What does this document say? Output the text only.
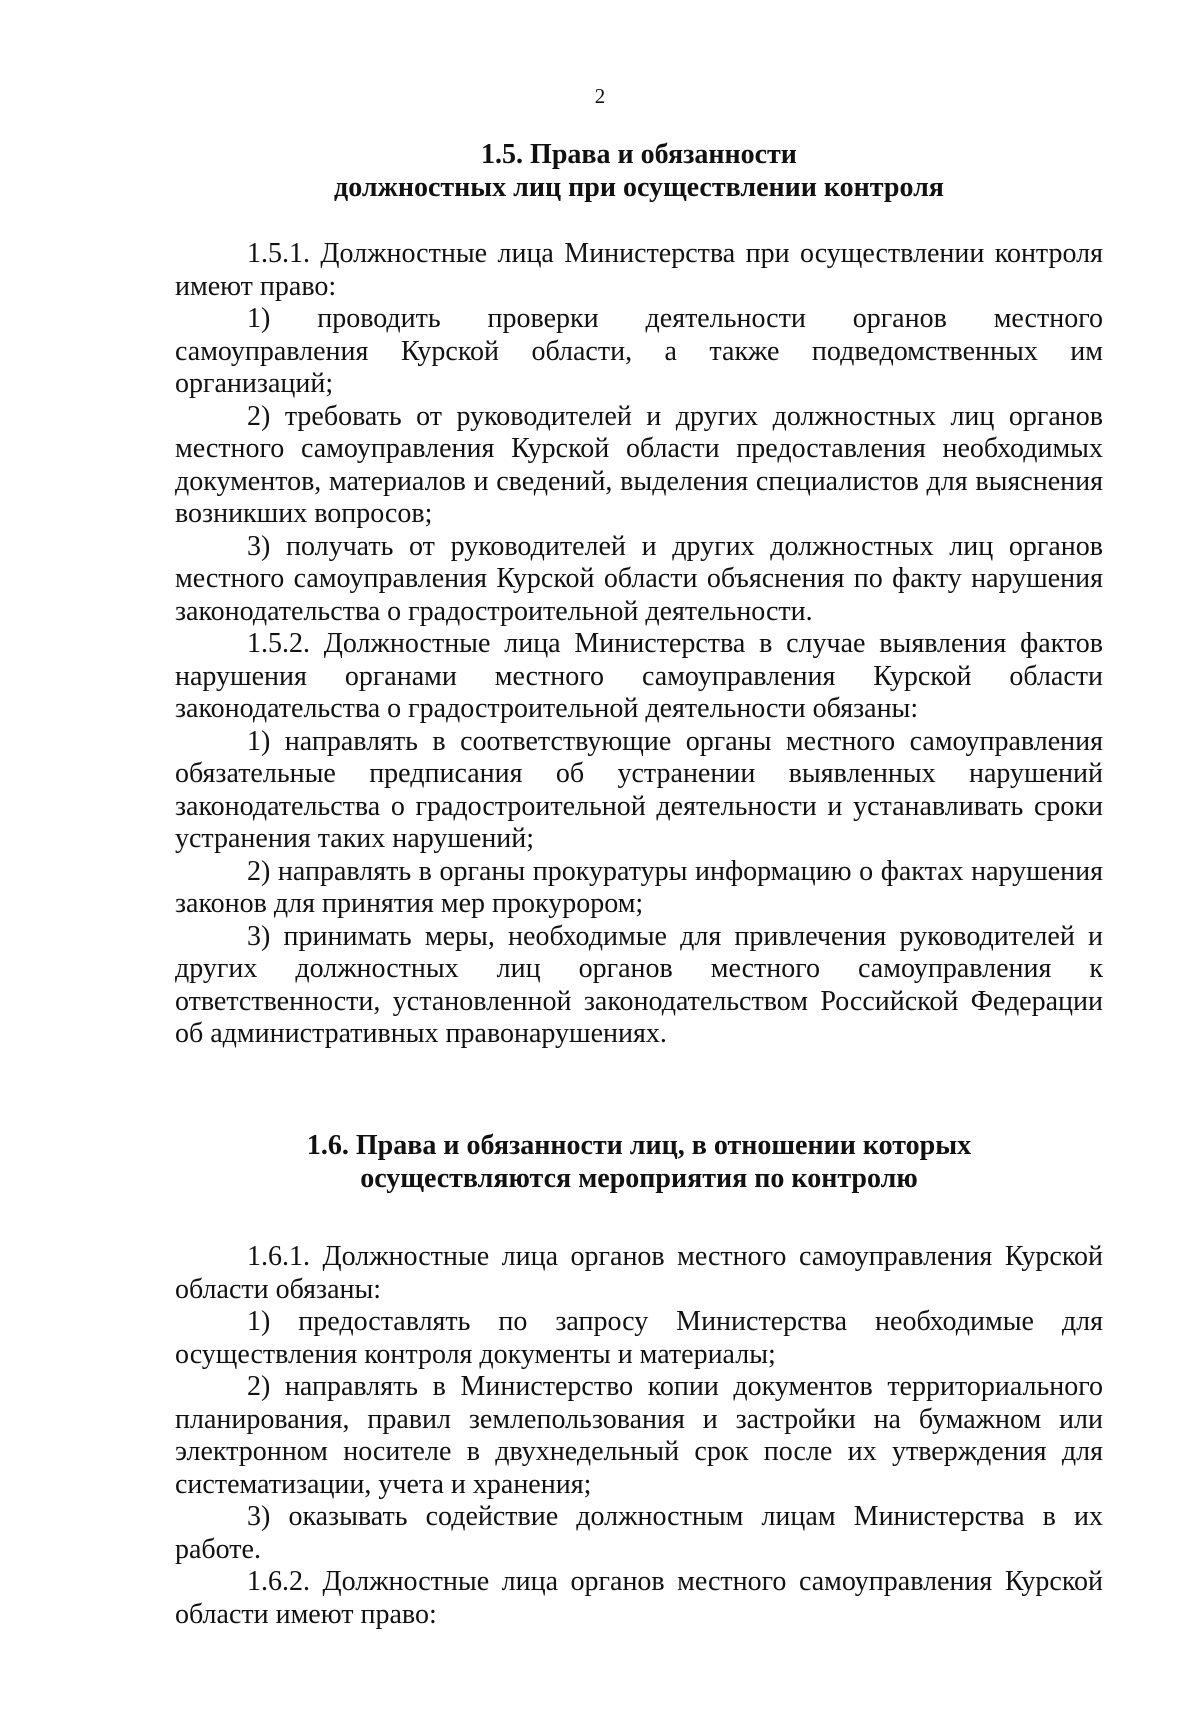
2
1.5. Права и обязанности
должностных лиц при осуществлении контроля

1.5.1. Должностные лица Министерства при осуществлении контроля имеют право:

1) проводить проверки деятельности органов местного самоуправления Курской области, а также подведомственных им организаций;

2) требовать от руководителей и других должностных лиц органов местного самоуправления Курской области предоставления необходимых документов, материалов и сведений, выделения специалистов для выяснения возникших вопросов;

3) получать от руководителей и других должностных лиц органов местного самоуправления Курской области объяснения по факту нарушения законодательства о градостроительной деятельности.

1.5.2. Должностные лица Министерства в случае выявления фактов нарушения органами местного самоуправления Курской области законодательства о градостроительной деятельности обязаны:

1) направлять в соответствующие органы местного самоуправления обязательные предписания об устранении выявленных нарушений законодательства о градостроительной деятельности и устанавливать сроки устранения таких нарушений;

2) направлять в органы прокуратуры информацию о фактах нарушения законов для принятия мер прокурором;

3) принимать меры, необходимые для привлечения руководителей и других должностных лиц органов местного самоуправления к ответственности, установленной законодательством Российской Федерации об административных правонарушениях.

1.6. Права и обязанности лиц, в отношении которых
осуществляются мероприятия по контролю

1.6.1. Должностные лица органов местного самоуправления Курской области обязаны:

1) предоставлять по запросу Министерства необходимые для осуществления контроля документы и материалы;

2) направлять в Министерство копии документов территориального планирования, правил землепользования и застройки на бумажном или электронном носителе в двухнедельный срок после их утверждения для систематизации, учета и хранения;

3) оказывать содействие должностным лицам Министерства в их работе.

1.6.2. Должностные лица органов местного самоуправления Курской области имеют право:
